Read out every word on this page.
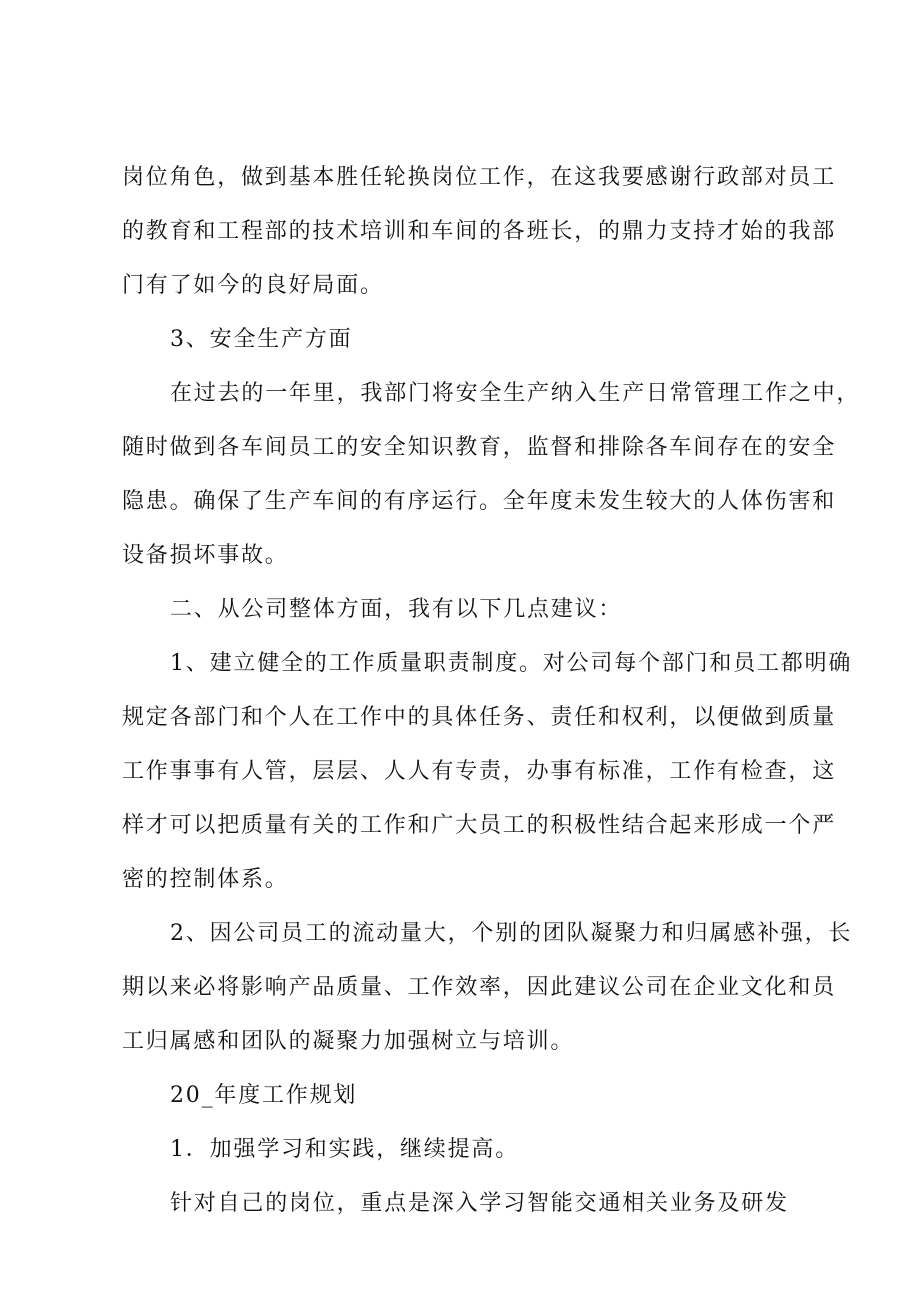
岗位角色，做到基本胜任轮换岗位工作，在这我要感谢行政部对员工
的教育和工程部的技术培训和车间的各班长，的鼎力支持才始的我部
门有了如今的良好局面。
3、安全生产方面
在过去的一年里，我部门将安全生产纳入生产日常管理工作之中，
随时做到各车间员工的安全知识教育，监督和排除各车间存在的安全
隐患。确保了生产车间的有序运行。全年度未发生较大的人体伤害和
设备损坏事故。
二、从公司整体方面，我有以下几点建议：
1、建立健全的工作质量职责制度。对公司每个部门和员工都明确
规定各部门和个人在工作中的具体任务、责任和权利，以便做到质量
工作事事有人管，层层、人人有专责，办事有标准，工作有检查，这
样才可以把质量有关的工作和广大员工的积极性结合起来形成一个严
密的控制体系。
2、因公司员工的流动量大，个别的团队凝聚力和归属感补强，长
期以来必将影响产品质量、工作效率，因此建议公司在企业文化和员
工归属感和团队的凝聚力加强树立与培训。
20_年度工作规划
1．加强学习和实践，继续提高。
针对自己的岗位，重点是深入学习智能交通相关业务及研发
